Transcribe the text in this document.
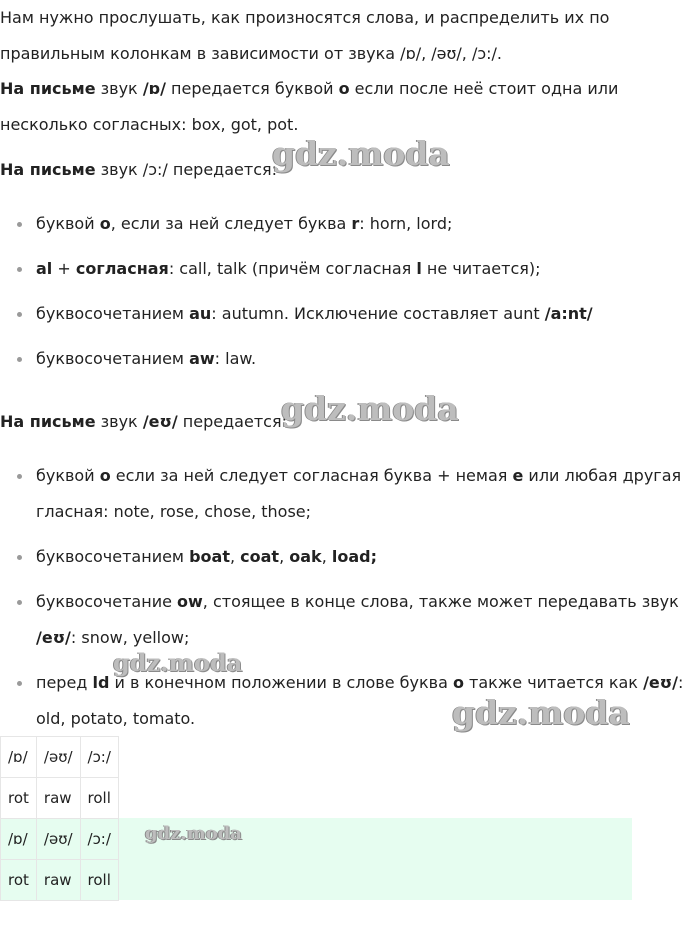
Нам нужно прослушать, как произносятся слова, и распределить их по

правильным колонкам в зависимости от звука /ɒ/, /əʊ/, /ɔ:/.

На письме звук /ɒ/ передается буквой о если после неё стоит одна или

несколько согласных: box, got, pot.

На письме звук /ɔ:/ передается:

gdz.moda
буквой o, если за ней следует буква r: horn, lord;
al + согласная: call, talk (причём согласная l не читается);
буквосочетанием au: autumn. Исключение составляет aunt /a:nt/
буквосочетанием aw: law.

На письме звук /eʊ/ передается:

gdz.moda
буквой о если за ней следует согласная буква + немая е или любая другая
гласная: note, rose, chose, those;
буквосочетанием boat, coat, oak, load;
буквосочетание ow, стоящее в конце слова, также может передавать звук
/eʊ/: snow, yellow;
перед ld и в конечном положении в слове буква o также читается как /eʊ/:
old, potato, tomato.
gdz.moda
gdz.moda
/ɒ/	/əʊ/	/ɔ:/
rot	raw	roll
/ɒ/	/əʊ/	/ɔ:/
rot	raw	roll
gdz.moda
